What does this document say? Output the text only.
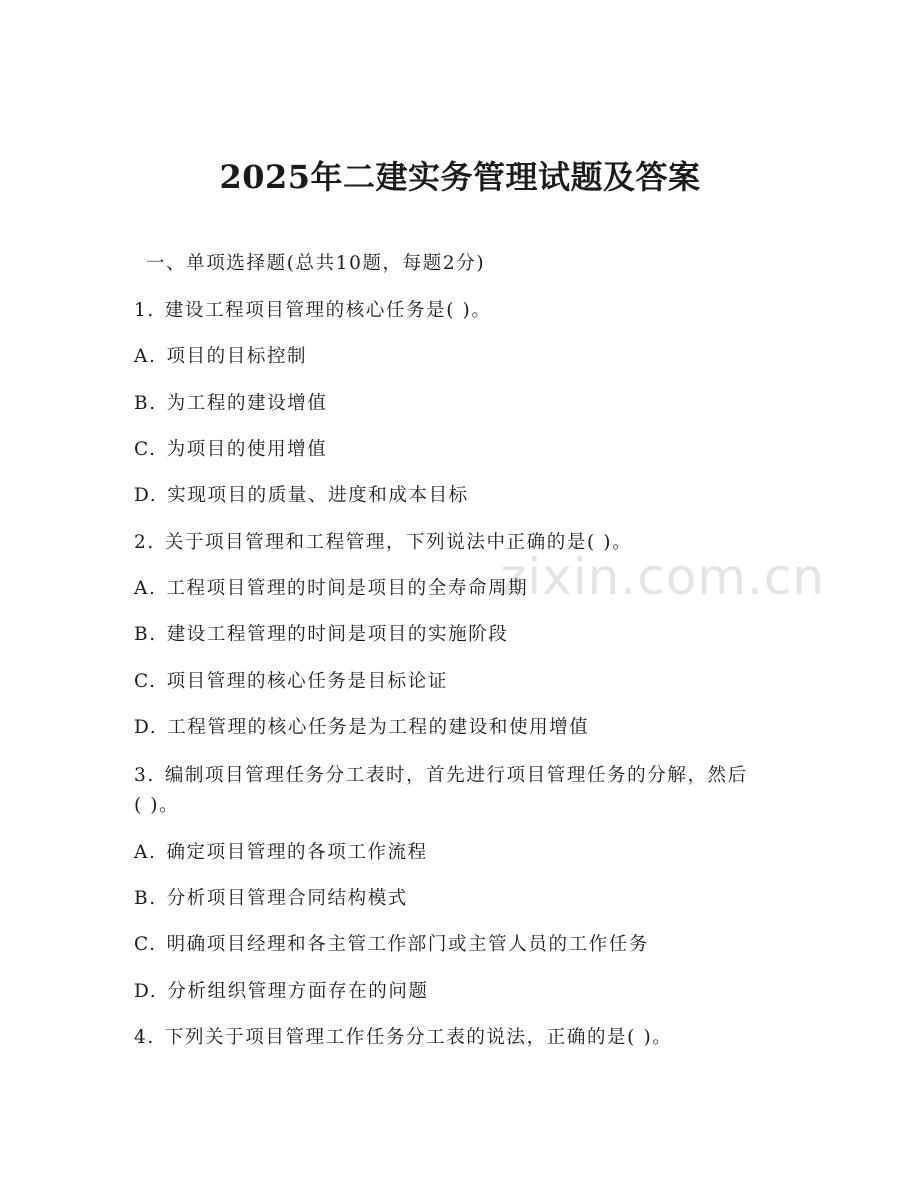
zixin.com.cn
2025年二建实务管理试题及答案
一、单项选择题(总共10题，每题2分)
1. 建设工程项目管理的核心任务是( )。
A. 项目的目标控制
B. 为工程的建设增值
C. 为项目的使用增值
D. 实现项目的质量、进度和成本目标
2. 关于项目管理和工程管理，下列说法中正确的是( )。
A. 工程项目管理的时间是项目的全寿命周期
B. 建设工程管理的时间是项目的实施阶段
C. 项目管理的核心任务是目标论证
D. 工程管理的核心任务是为工程的建设和使用增值
3. 编制项目管理任务分工表时，首先进行项目管理任务的分解，然后
( )。
A. 确定项目管理的各项工作流程
B. 分析项目管理合同结构模式
C. 明确项目经理和各主管工作部门或主管人员的工作任务
D. 分析组织管理方面存在的问题
4. 下列关于项目管理工作任务分工表的说法，正确的是( )。
